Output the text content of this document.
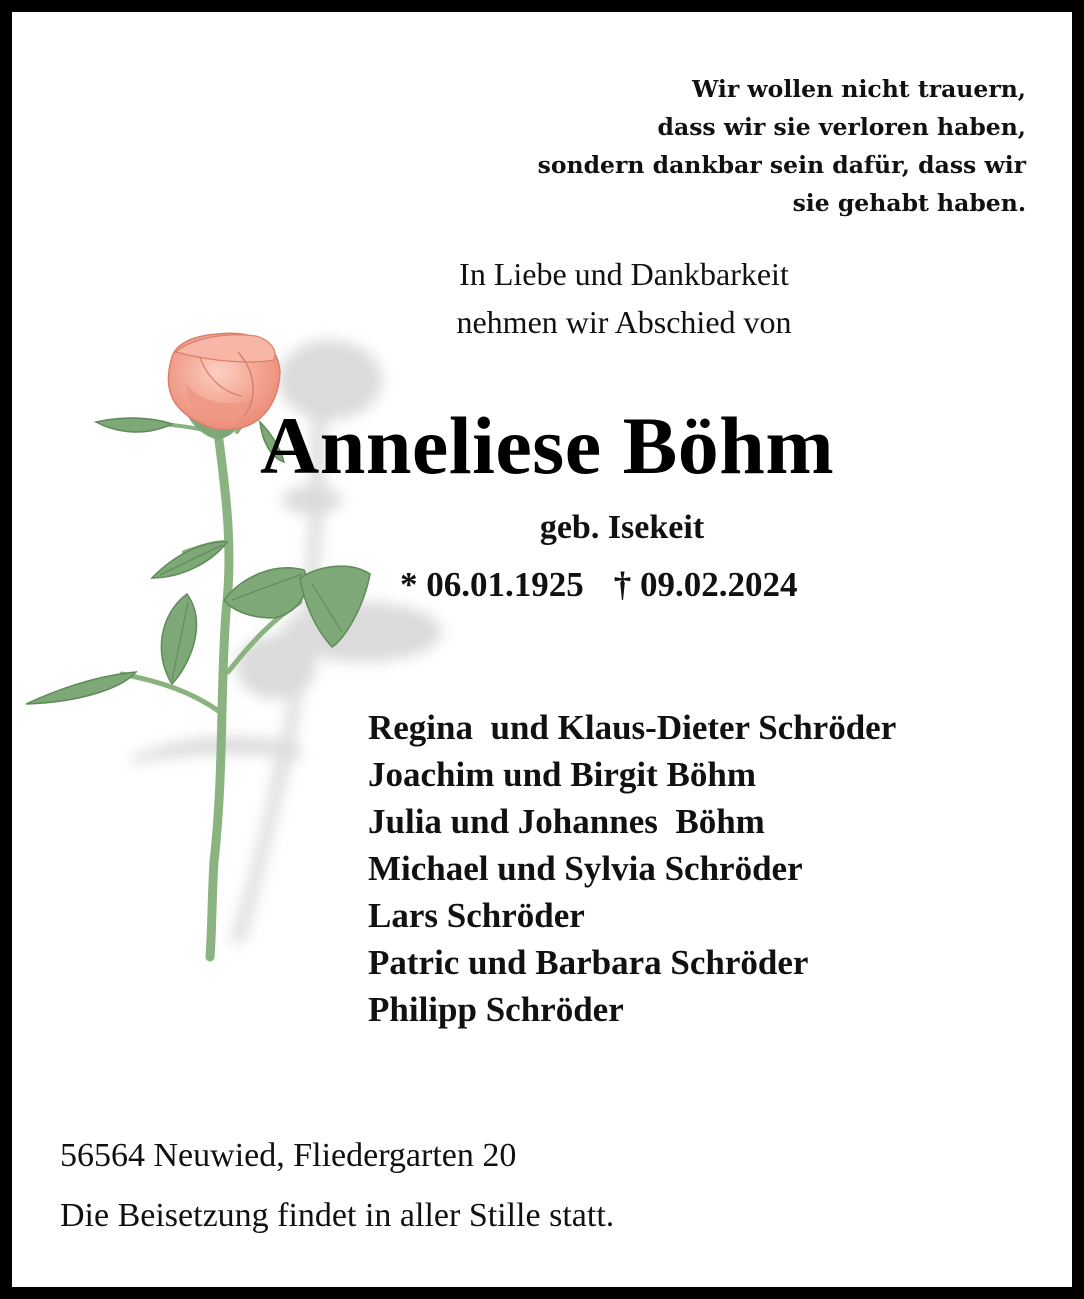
Wir wollen nicht trauern,
dass wir sie verloren haben,
sondern dankbar sein dafür, dass wir
sie gehabt haben.
In Liebe und Dankbarkeit
nehmen wir Abschied von
Anneliese Böhm
geb. Isekeit
* 06.01.1925 † 09.02.2024
Regina  und Klaus-Dieter Schröder
Joachim und Birgit Böhm
Julia und Johannes  Böhm
Michael und Sylvia Schröder
Lars Schröder
Patric und Barbara Schröder
Philipp Schröder
56564 Neuwied, Fliedergarten 20
Die Beisetzung findet in aller Stille statt.
